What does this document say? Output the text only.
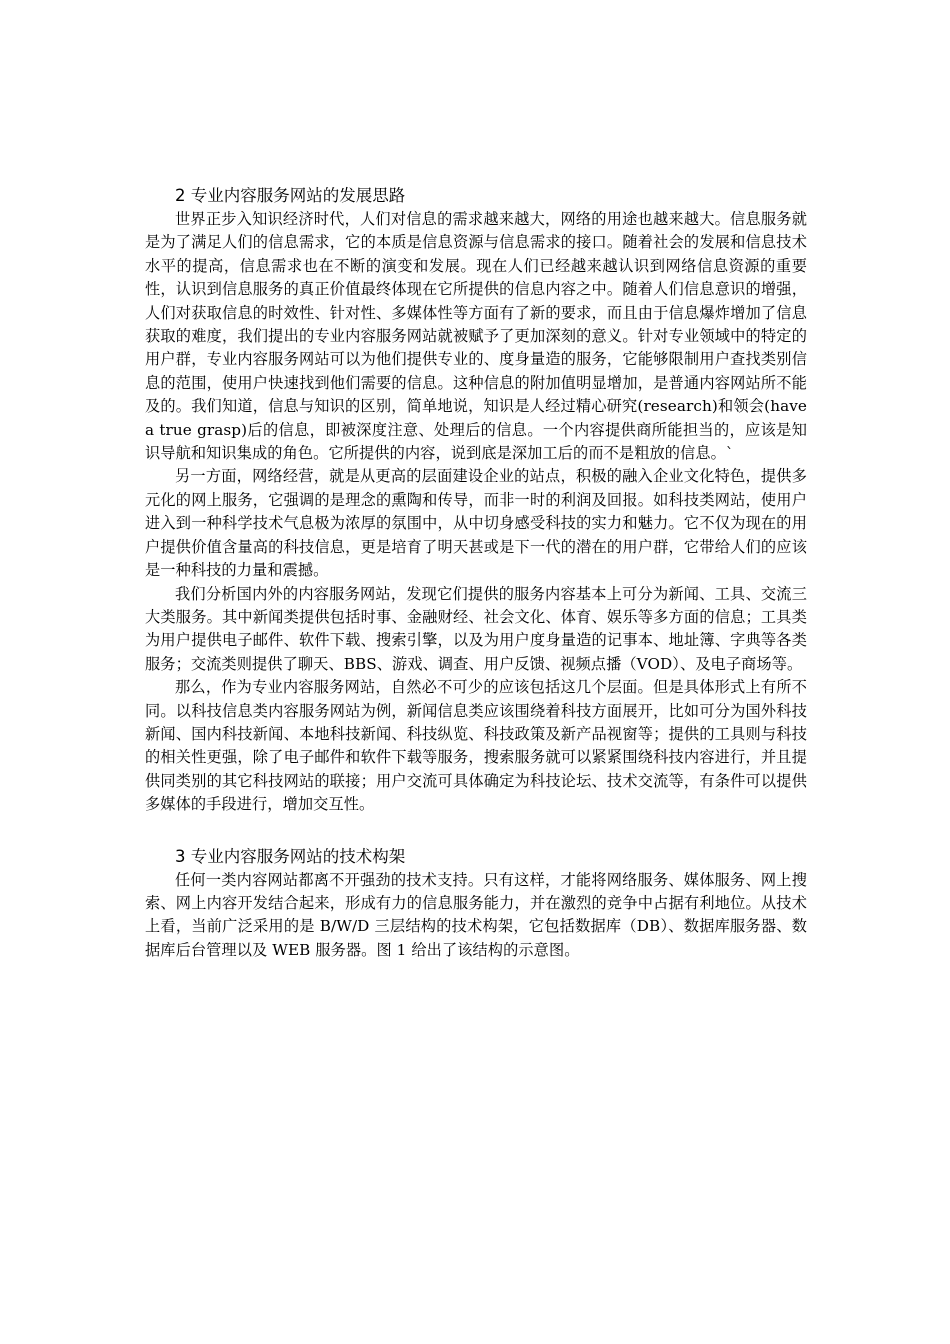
2 专业内容服务网站的发展思路

世界正步入知识经济时代，人们对信息的需求越来越大，网络的用途也越来越大。信息服务就是为了满足人们的信息需求，它的本质是信息资源与信息需求的接口。随着社会的发展和信息技术水平的提高，信息需求也在不断的演变和发展。现在人们已经越来越认识到网络信息资源的重要性，认识到信息服务的真正价值最终体现在它所提供的信息内容之中。随着人们信息意识的增强，人们对获取信息的时效性、针对性、多媒体性等方面有了新的要求，而且由于信息爆炸增加了信息获取的难度，我们提出的专业内容服务网站就被赋予了更加深刻的意义。针对专业领域中的特定的用户群，专业内容服务网站可以为他们提供专业的、度身量造的服务，它能够限制用户查找类别信息的范围，使用户快速找到他们需要的信息。这种信息的附加值明显增加，是普通内容网站所不能及的。我们知道，信息与知识的区别，简单地说，知识是人经过精心研究(research)和领会(have a true grasp)后的信息，即被深度注意、处理后的信息。一个内容提供商所能担当的，应该是知识导航和知识集成的角色。它所提供的内容，说到底是深加工后的而不是粗放的信息。`

另一方面，网络经营，就是从更高的层面建设企业的站点，积极的融入企业文化特色，提供多元化的网上服务，它强调的是理念的熏陶和传导，而非一时的利润及回报。如科技类网站，使用户进入到一种科学技术气息极为浓厚的氛围中，从中切身感受科技的实力和魅力。它不仅为现在的用户提供价值含量高的科技信息，更是培育了明天甚或是下一代的潜在的用户群，它带给人们的应该是一种科技的力量和震撼。

我们分析国内外的内容服务网站，发现它们提供的服务内容基本上可分为新闻、工具、交流三大类服务。其中新闻类提供包括时事、金融财经、社会文化、体育、娱乐等多方面的信息；工具类为用户提供电子邮件、软件下载、搜索引擎，以及为用户度身量造的记事本、地址簿、字典等各类服务；交流类则提供了聊天、BBS、游戏、调查、用户反馈、视频点播（VOD）、及电子商场等。

那么，作为专业内容服务网站，自然必不可少的应该包括这几个层面。但是具体形式上有所不同。以科技信息类内容服务网站为例，新闻信息类应该围绕着科技方面展开，比如可分为国外科技新闻、国内科技新闻、本地科技新闻、科技纵览、科技政策及新产品视窗等；提供的工具则与科技的相关性更强，除了电子邮件和软件下载等服务，搜索服务就可以紧紧围绕科技内容进行，并且提供同类别的其它科技网站的联接；用户交流可具体确定为科技论坛、技术交流等，有条件可以提供多媒体的手段进行，增加交互性。

3 专业内容服务网站的技术构架

任何一类内容网站都离不开强劲的技术支持。只有这样，才能将网络服务、媒体服务、网上搜索、网上内容开发结合起来，形成有力的信息服务能力，并在激烈的竞争中占据有利地位。从技术上看，当前广泛采用的是 B/W/D 三层结构的技术构架，它包括数据库（DB）、数据库服务器、数据库后台管理以及 WEB 服务器。图 1 给出了该结构的示意图。
